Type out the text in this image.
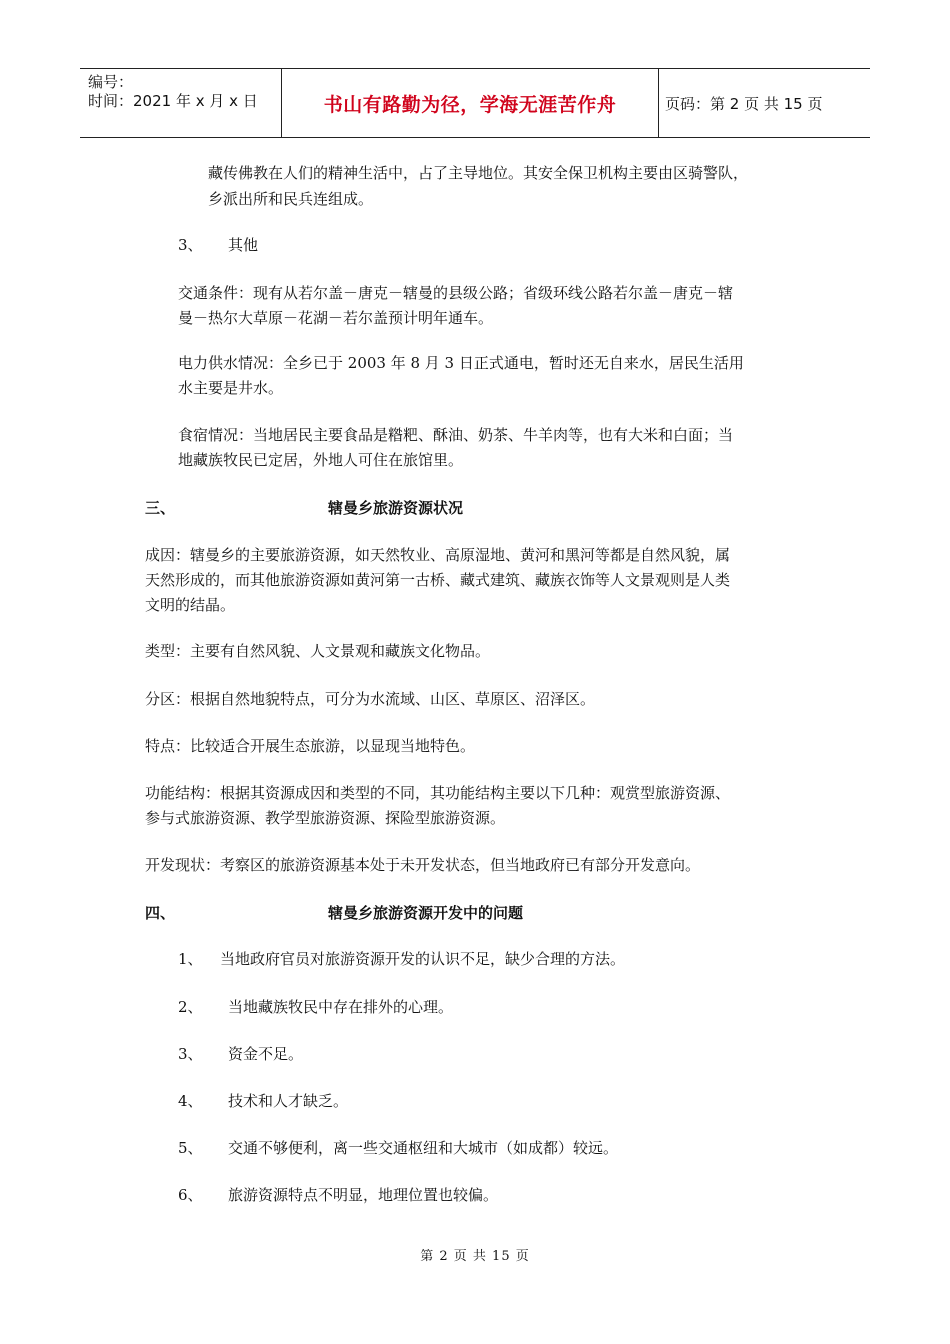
编号：
时间：2021 年 x 月 x 日	书山有路勤为径，学海无涯苦作舟	页码：第 2 页 共 15 页
藏传佛教在人们的精神生活中，占了主导地位。其安全保卫机构主要由区骑警队，
乡派出所和民兵连组成。
3、 其他
交通条件：现有从若尔盖－唐克－辖曼的县级公路；省级环线公路若尔盖－唐克－辖
曼－热尔大草原－花湖－若尔盖预计明年通车。
电力供水情况：全乡已于 2003 年 8 月 3 日正式通电，暂时还无自来水，居民生活用
水主要是井水。
食宿情况：当地居民主要食品是糌粑、酥油、奶茶、牛羊肉等，也有大米和白面；当
地藏族牧民已定居，外地人可住在旅馆里。
三、	辖曼乡旅游资源状况
成因：辖曼乡的主要旅游资源，如天然牧业、高原湿地、黄河和黑河等都是自然风貌，属
天然形成的，而其他旅游资源如黄河第一古桥、藏式建筑、藏族衣饰等人文景观则是人类
文明的结晶。
类型：主要有自然风貌、人文景观和藏族文化物品。
分区：根据自然地貌特点，可分为水流域、山区、草原区、沼泽区。
特点：比较适合开展生态旅游，以显现当地特色。
功能结构：根据其资源成因和类型的不同，其功能结构主要以下几种：观赏型旅游资源、
参与式旅游资源、教学型旅游资源、探险型旅游资源。
开发现状：考察区的旅游资源基本处于未开发状态，但当地政府已有部分开发意向。
四、	辖曼乡旅游资源开发中的问题
1、 当地政府官员对旅游资源开发的认识不足，缺少合理的方法。
2、 当地藏族牧民中存在排外的心理。
3、 资金不足。
4、 技术和人才缺乏。
5、 交通不够便利，离一些交通枢纽和大城市（如成都）较远。
6、 旅游资源特点不明显，地理位置也较偏。
第 2 页 共 15 页
